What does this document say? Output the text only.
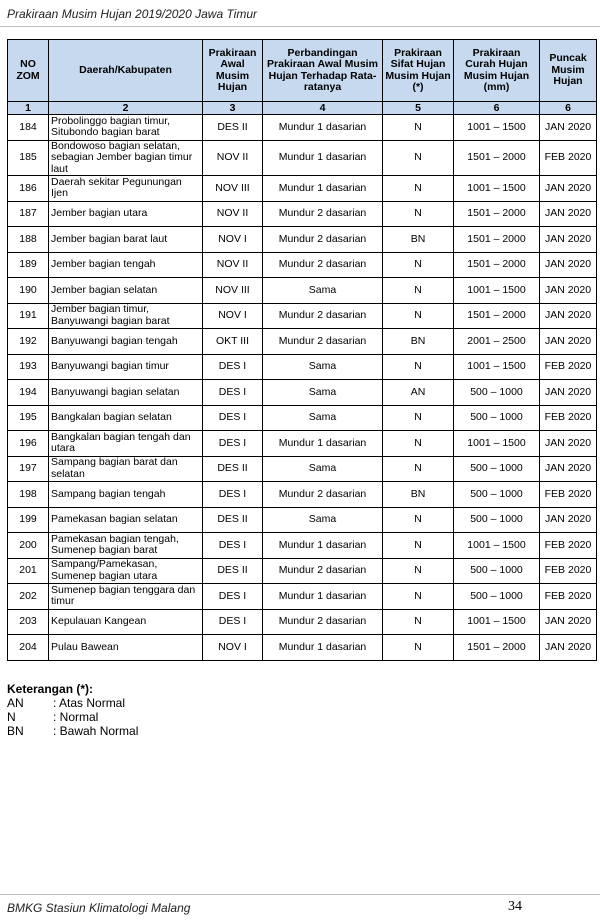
Prakiraan Musim Hujan 2019/2020 Jawa Timur
NO ZOM	Daerah/Kabupaten	Prakiraan Awal Musim Hujan	Perbandingan Prakiraan Awal Musim Hujan Terhadap Rata-ratanya	Prakiraan Sifat Hujan Musim Hujan (*)	Prakiraan Curah Hujan Musim Hujan (mm)	Puncak Musim Hujan
1	2	3	4	5	6	6
184	Probolinggo bagian timur, Situbondo bagian barat	DES II	Mundur 1 dasarian	N	1001 – 1500	JAN 2020
185	Bondowoso bagian selatan, sebagian Jember bagian timur laut	NOV II	Mundur 1 dasarian	N	1501 – 2000	FEB 2020
186	Daerah sekitar Pegunungan Ijen	NOV III	Mundur 1 dasarian	N	1001 – 1500	JAN 2020
187	Jember bagian utara	NOV II	Mundur 2 dasarian	N	1501 – 2000	JAN 2020
188	Jember bagian barat laut	NOV I	Mundur 2 dasarian	BN	1501 – 2000	JAN 2020
189	Jember bagian tengah	NOV II	Mundur 2 dasarian	N	1501 – 2000	JAN 2020
190	Jember bagian selatan	NOV III	Sama	N	1001 – 1500	JAN 2020
191	Jember bagian timur, Banyuwangi bagian barat	NOV I	Mundur 2 dasarian	N	1501 – 2000	JAN 2020
192	Banyuwangi bagian tengah	OKT III	Mundur 2 dasarian	BN	2001 – 2500	JAN 2020
193	Banyuwangi bagian timur	DES I	Sama	N	1001 – 1500	FEB 2020
194	Banyuwangi bagian selatan	DES I	Sama	AN	500 – 1000	JAN 2020
195	Bangkalan bagian selatan	DES I	Sama	N	500 – 1000	FEB 2020
196	Bangkalan bagian tengah dan utara	DES I	Mundur 1 dasarian	N	1001 – 1500	JAN 2020
197	Sampang bagian barat dan selatan	DES II	Sama	N	500 – 1000	JAN 2020
198	Sampang bagian tengah	DES I	Mundur 2 dasarian	BN	500 – 1000	FEB 2020
199	Pamekasan bagian selatan	DES II	Sama	N	500 – 1000	JAN 2020
200	Pamekasan bagian tengah, Sumenep bagian barat	DES I	Mundur 1 dasarian	N	1001 – 1500	FEB 2020
201	Sampang/Pamekasan, Sumenep bagian utara	DES II	Mundur 2 dasarian	N	500 – 1000	FEB 2020
202	Sumenep bagian tenggara dan timur	DES I	Mundur 1 dasarian	N	500 – 1000	FEB 2020
203	Kepulauan Kangean	DES I	Mundur 2 dasarian	N	1001 – 1500	JAN 2020
204	Pulau Bawean	NOV I	Mundur 1 dasarian	N	1501 – 2000	JAN 2020
Keterangan (*):
AN	: Atas Normal
N	: Normal
BN	: Bawah Normal
BMKG Stasiun Klimatologi Malang	34
